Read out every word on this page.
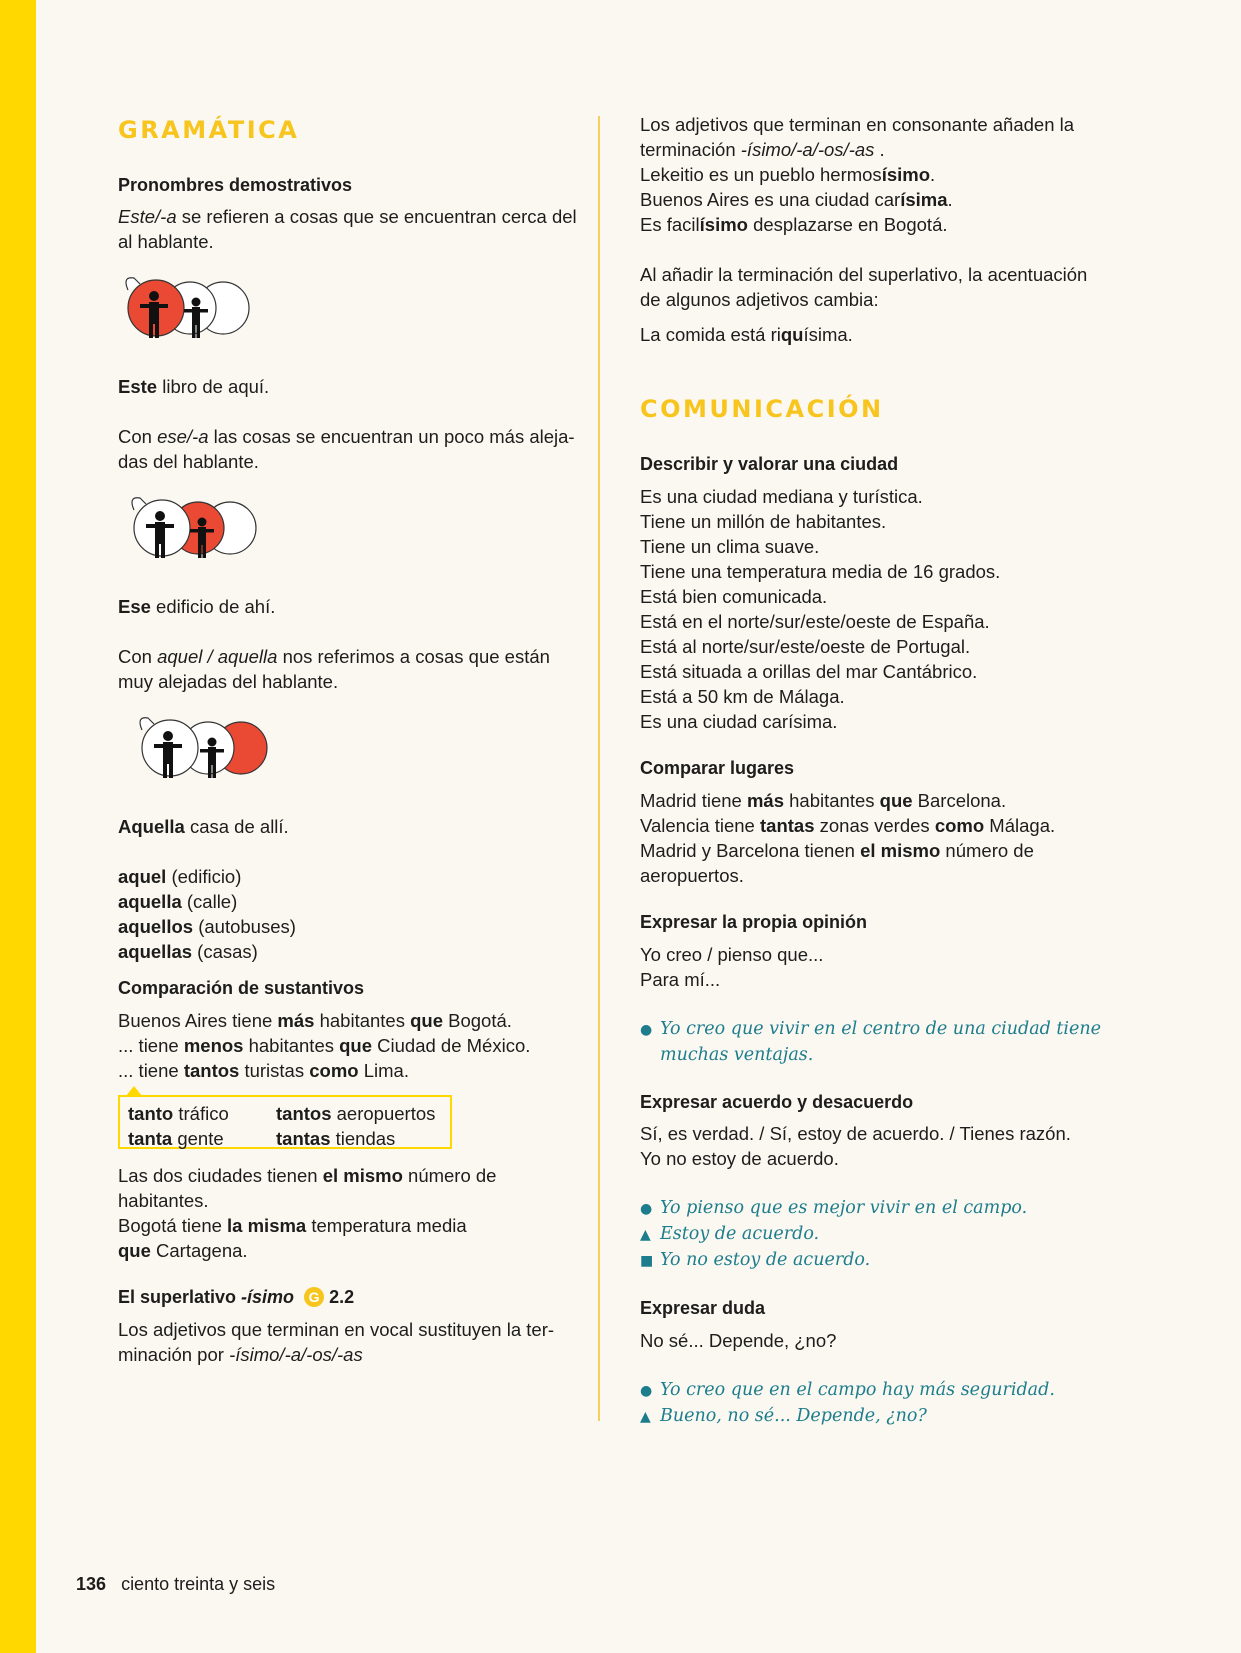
GRAMÁTICA

Pronombres demostrativos

Este/-a se refieren a cosas que se encuentran cerca del al hablante.

Este libro de aquí.

Con ese/-a las cosas se encuentran un poco más aleja-das del hablante.

Ese edificio de ahí.

Con aquel / aquella nos referimos a cosas que están muy alejadas del hablante.

Aquella casa de allí.

aquel (edificio)

aquella (calle)

aquellos (autobuses)

aquellas (casas)

Comparación de sustantivos

Buenos Aires tiene más habitantes que Bogotá.

... tiene menos habitantes que Ciudad de México.

... tiene tantos turistas como Lima.

tanto tráfico	tantos aeropuertos
tanta gente	tantas tiendas

Las dos ciudades tienen el mismo número de habitantes.

Bogotá tiene la misma temperatura media
que Cartagena.

El superlativo -ísimo G 2.2

Los adjetivos que terminan en vocal sustituyen la ter-minación por -ísimo/-a/-os/-as

Los adjetivos que terminan en consonante añaden la terminación -ísimo/-a/-os/-as .

Lekeitio es un pueblo hermosísimo.

Buenos Aires es una ciudad carísima.

Es facilísimo desplazarse en Bogotá.

Al añadir la terminación del superlativo, la acentuación de algunos adjetivos cambia:

La comida está riquísima.

COMUNICACIÓN

Describir y valorar una ciudad

Es una ciudad mediana y turística.

Tiene un millón de habitantes.

Tiene un clima suave.

Tiene una temperatura media de 16 grados.

Está bien comunicada.

Está en el norte/sur/este/oeste de España.

Está al norte/sur/este/oeste de Portugal.

Está situada a orillas del mar Cantábrico.

Está a 50 km de Málaga.

Es una ciudad carísima.

Comparar lugares

Madrid tiene más habitantes que Barcelona.

Valencia tiene tantas zonas verdes como Málaga.

Madrid y Barcelona tienen el mismo número de aeropuertos.

Expresar la propia opinión

Yo creo / pienso que...

Para mí...

● Yo creo que vivir en el centro de una ciudad tiene

muchas ventajas.

Expresar acuerdo y desacuerdo

Sí, es verdad. / Sí, estoy de acuerdo. / Tienes razón.

Yo no estoy de acuerdo.

● Yo pienso que es mejor vivir en el campo.

▲ Estoy de acuerdo.

■ Yo no estoy de acuerdo.

Expresar duda

No sé... Depende, ¿no?

● Yo creo que en el campo hay más seguridad.

▲ Bueno, no sé... Depende, ¿no?

136 ciento treinta y seis
